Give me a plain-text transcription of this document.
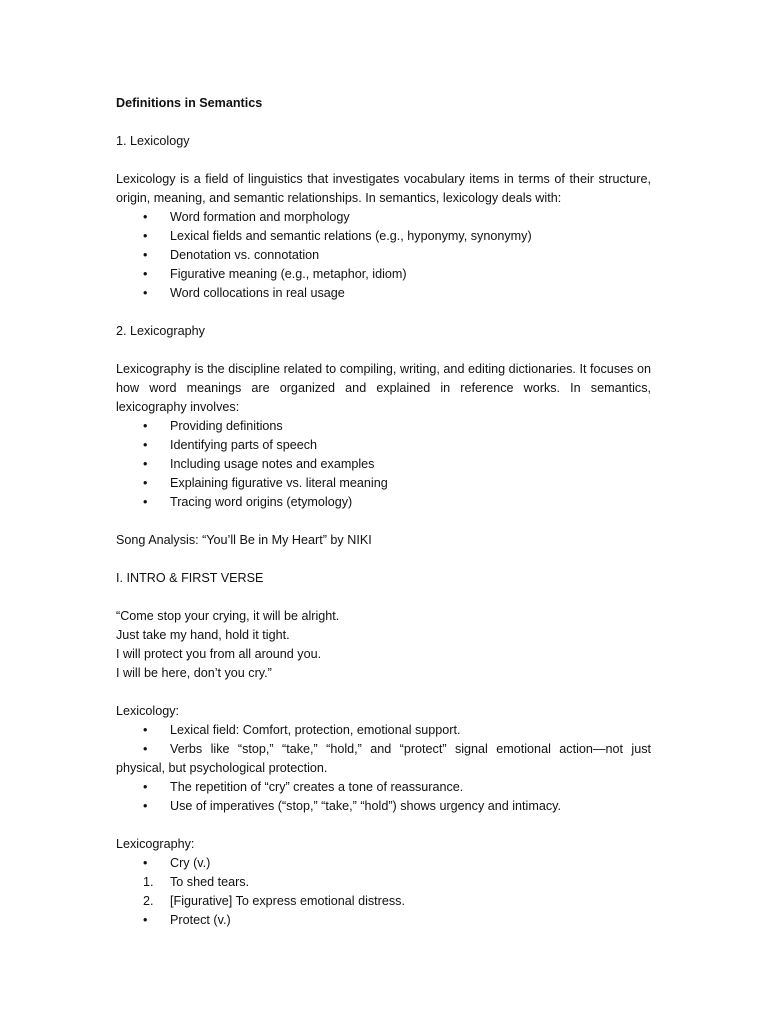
Definitions in Semantics
1. Lexicology
Lexicology is a field of linguistics that investigates vocabulary items in terms of their structure, origin, meaning, and semantic relationships. In semantics, lexicology deals with:
•	Word formation and morphology
•	Lexical fields and semantic relations (e.g., hyponymy, synonymy)
•	Denotation vs. connotation
•	Figurative meaning (e.g., metaphor, idiom)
•	Word collocations in real usage
2. Lexicography
Lexicography is the discipline related to compiling, writing, and editing dictionaries. It focuses on how word meanings are organized and explained in reference works. In semantics, lexicography involves:
•	Providing definitions
•	Identifying parts of speech
•	Including usage notes and examples
•	Explaining figurative vs. literal meaning
•	Tracing word origins (etymology)
Song Analysis: “You’ll Be in My Heart” by NIKI
I. INTRO & FIRST VERSE
“Come stop your crying, it will be alright.
Just take my hand, hold it tight.
I will protect you from all around you.
I will be here, don’t you cry.”
Lexicology:
•	Lexical field: Comfort, protection, emotional support.
• Verbs like “stop,” “take,” “hold,” and “protect” signal emotional action—not just physical, but psychological protection.
•	The repetition of “cry” creates a tone of reassurance.
•	Use of imperatives (“stop,” “take,” “hold”) shows urgency and intimacy.
Lexicography:
•	Cry (v.)
1. To shed tears.
2. [Figurative] To express emotional distress.
•	Protect (v.)
